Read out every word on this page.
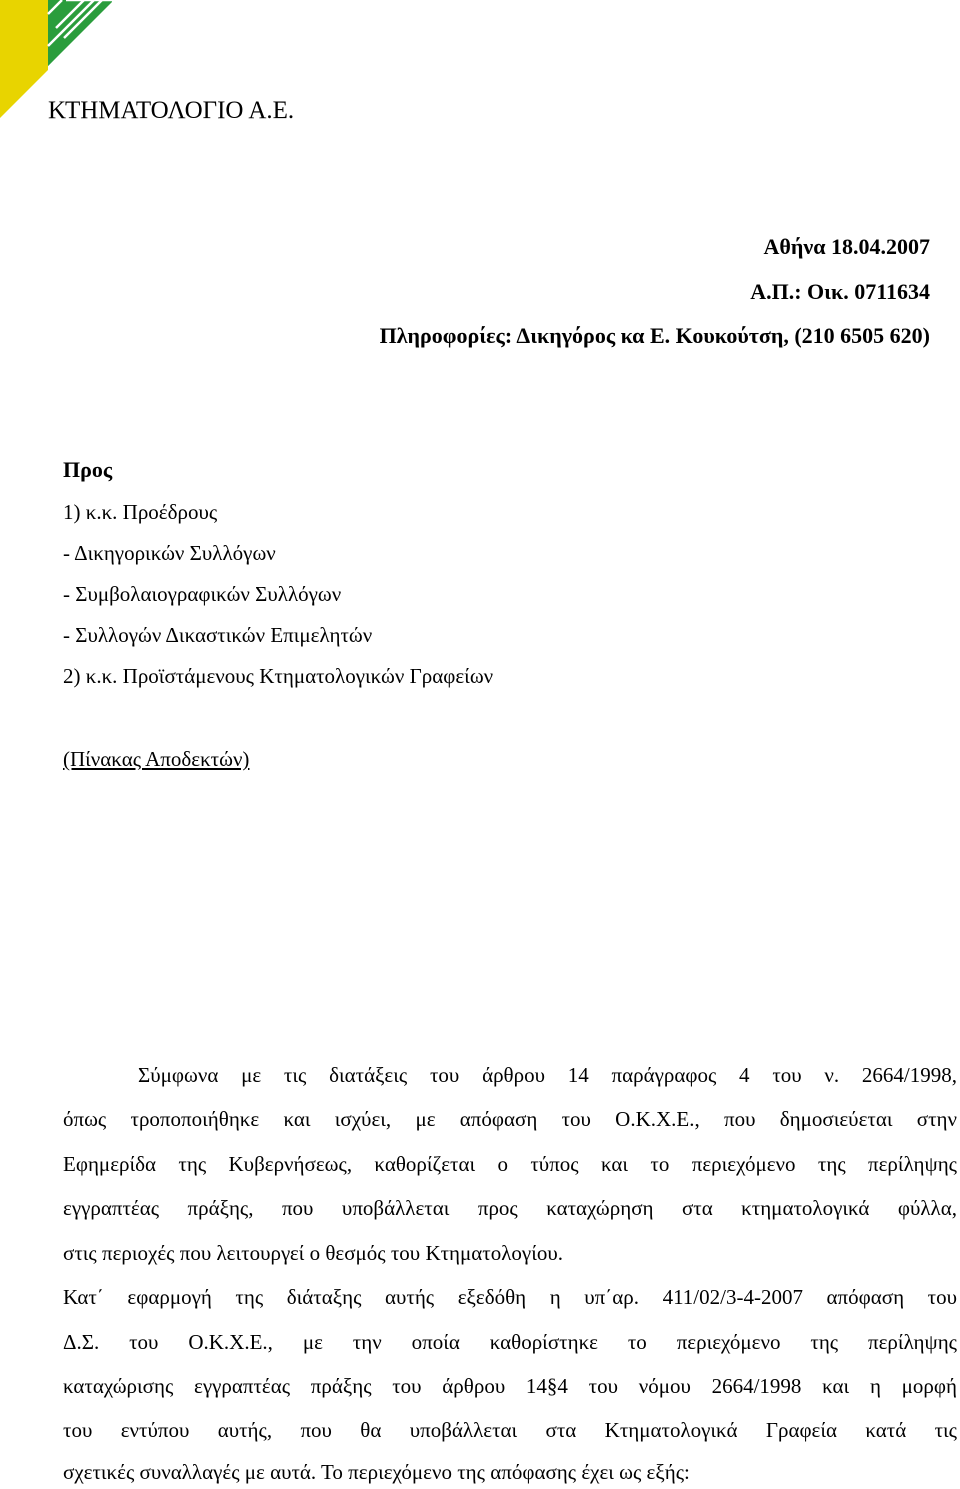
ΚΤΗΜΑΤΟΛΟΓΙΟ Α.Ε.
Αθήνα 18.04.2007
Α.Π.: Οικ. 0711634
Πληροφορίες: Δικηγόρος κα Ε. Κουκούτση, (210 6505 620)
Προς
1) κ.κ. Προέδρους
- Δικηγορικών Συλλόγων
- Συμβολαιογραφικών Συλλόγων
- Συλλογών Δικαστικών Επιμελητών
2) κ.κ. Προϊστάμενους Κτηματολογικών Γραφείων
(Πίνακας Αποδεκτών)
Σύμφωνα με τις διατάξεις του άρθρου 14 παράγραφος 4 του ν. 2664/1998,
όπως τροποποιήθηκε και ισχύει, με απόφαση του Ο.Κ.Χ.Ε., που δημοσιεύεται στην
Εφημερίδα της Κυβερνήσεως, καθορίζεται ο τύπος και το περιεχόμενο της περίληψης
εγγραπτέας πράξης, που υποβάλλεται προς καταχώρηση στα κτηματολογικά φύλλα,
στις περιοχές που λειτουργεί ο θεσμός του Κτηματολογίου.
Κατ΄ εφαρμογή της διάταξης αυτής εξεδόθη η υπ΄αρ. 411/02/3-4-2007 απόφαση του
Δ.Σ. του Ο.Κ.Χ.Ε., με την οποία καθορίστηκε το περιεχόμενο της περίληψης
καταχώρισης εγγραπτέας πράξης του άρθρου 14§4 του νόμου 2664/1998 και η μορφή
του εντύπου αυτής, που θα υποβάλλεται στα Κτηματολογικά Γραφεία κατά τις
σχετικές συναλλαγές με αυτά. Το περιεχόμενο της απόφασης έχει ως εξής:
